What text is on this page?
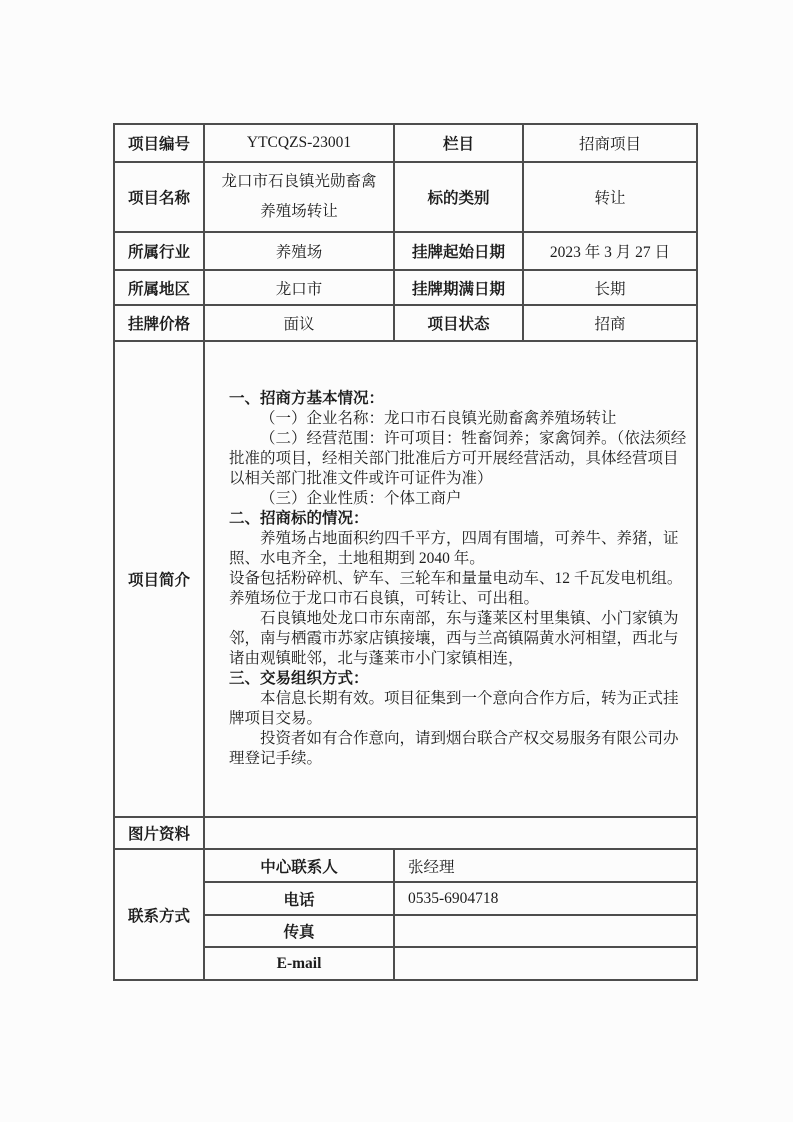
项目编号	YTCQZS-23001	栏目	招商项目
项目名称	龙口市石良镇光勋畜禽养殖场转让	标的类别	转让
所属行业	养殖场	挂牌起始日期	2023 年 3 月 27 日
所属地区	龙口市	挂牌期满日期	长期
挂牌价格	面议	项目状态	招商
项目简介	

一、招商方基本情况：

（一）企业名称：龙口市石良镇光勋畜禽养殖场转让

（二）经营范围：许可项目：牲畜饲养；家禽饲养。（依法须经批准的项目，经相关部门批准后方可开展经营活动，具体经营项目以相关部门批准文件或许可证件为准）

（三）企业性质：个体工商户

二、招商标的情况：

养殖场占地面积约四千平方，四周有围墙，可养牛、养猪，证照、水电齐全，土地租期到 2040 年。

设备包括粉碎机、铲车、三轮车和量量电动车、12 千瓦发电机组。

养殖场位于龙口市石良镇，可转让、可出租。

石良镇地处龙口市东南部，东与蓬莱区村里集镇、小门家镇为邻，南与栖霞市苏家店镇接壤，西与兰高镇隔黄水河相望，西北与诸由观镇毗邻，北与蓬莱市小门家镇相连，

三、交易组织方式：

本信息长期有效。项目征集到一个意向合作方后，转为正式挂牌项目交易。

投资者如有合作意向，请到烟台联合产权交易服务有限公司办理登记手续。

图片资料			
联系方式	中心联系人	张经理	
	电话	0535-6904718	
	传真		
	E-mail		
